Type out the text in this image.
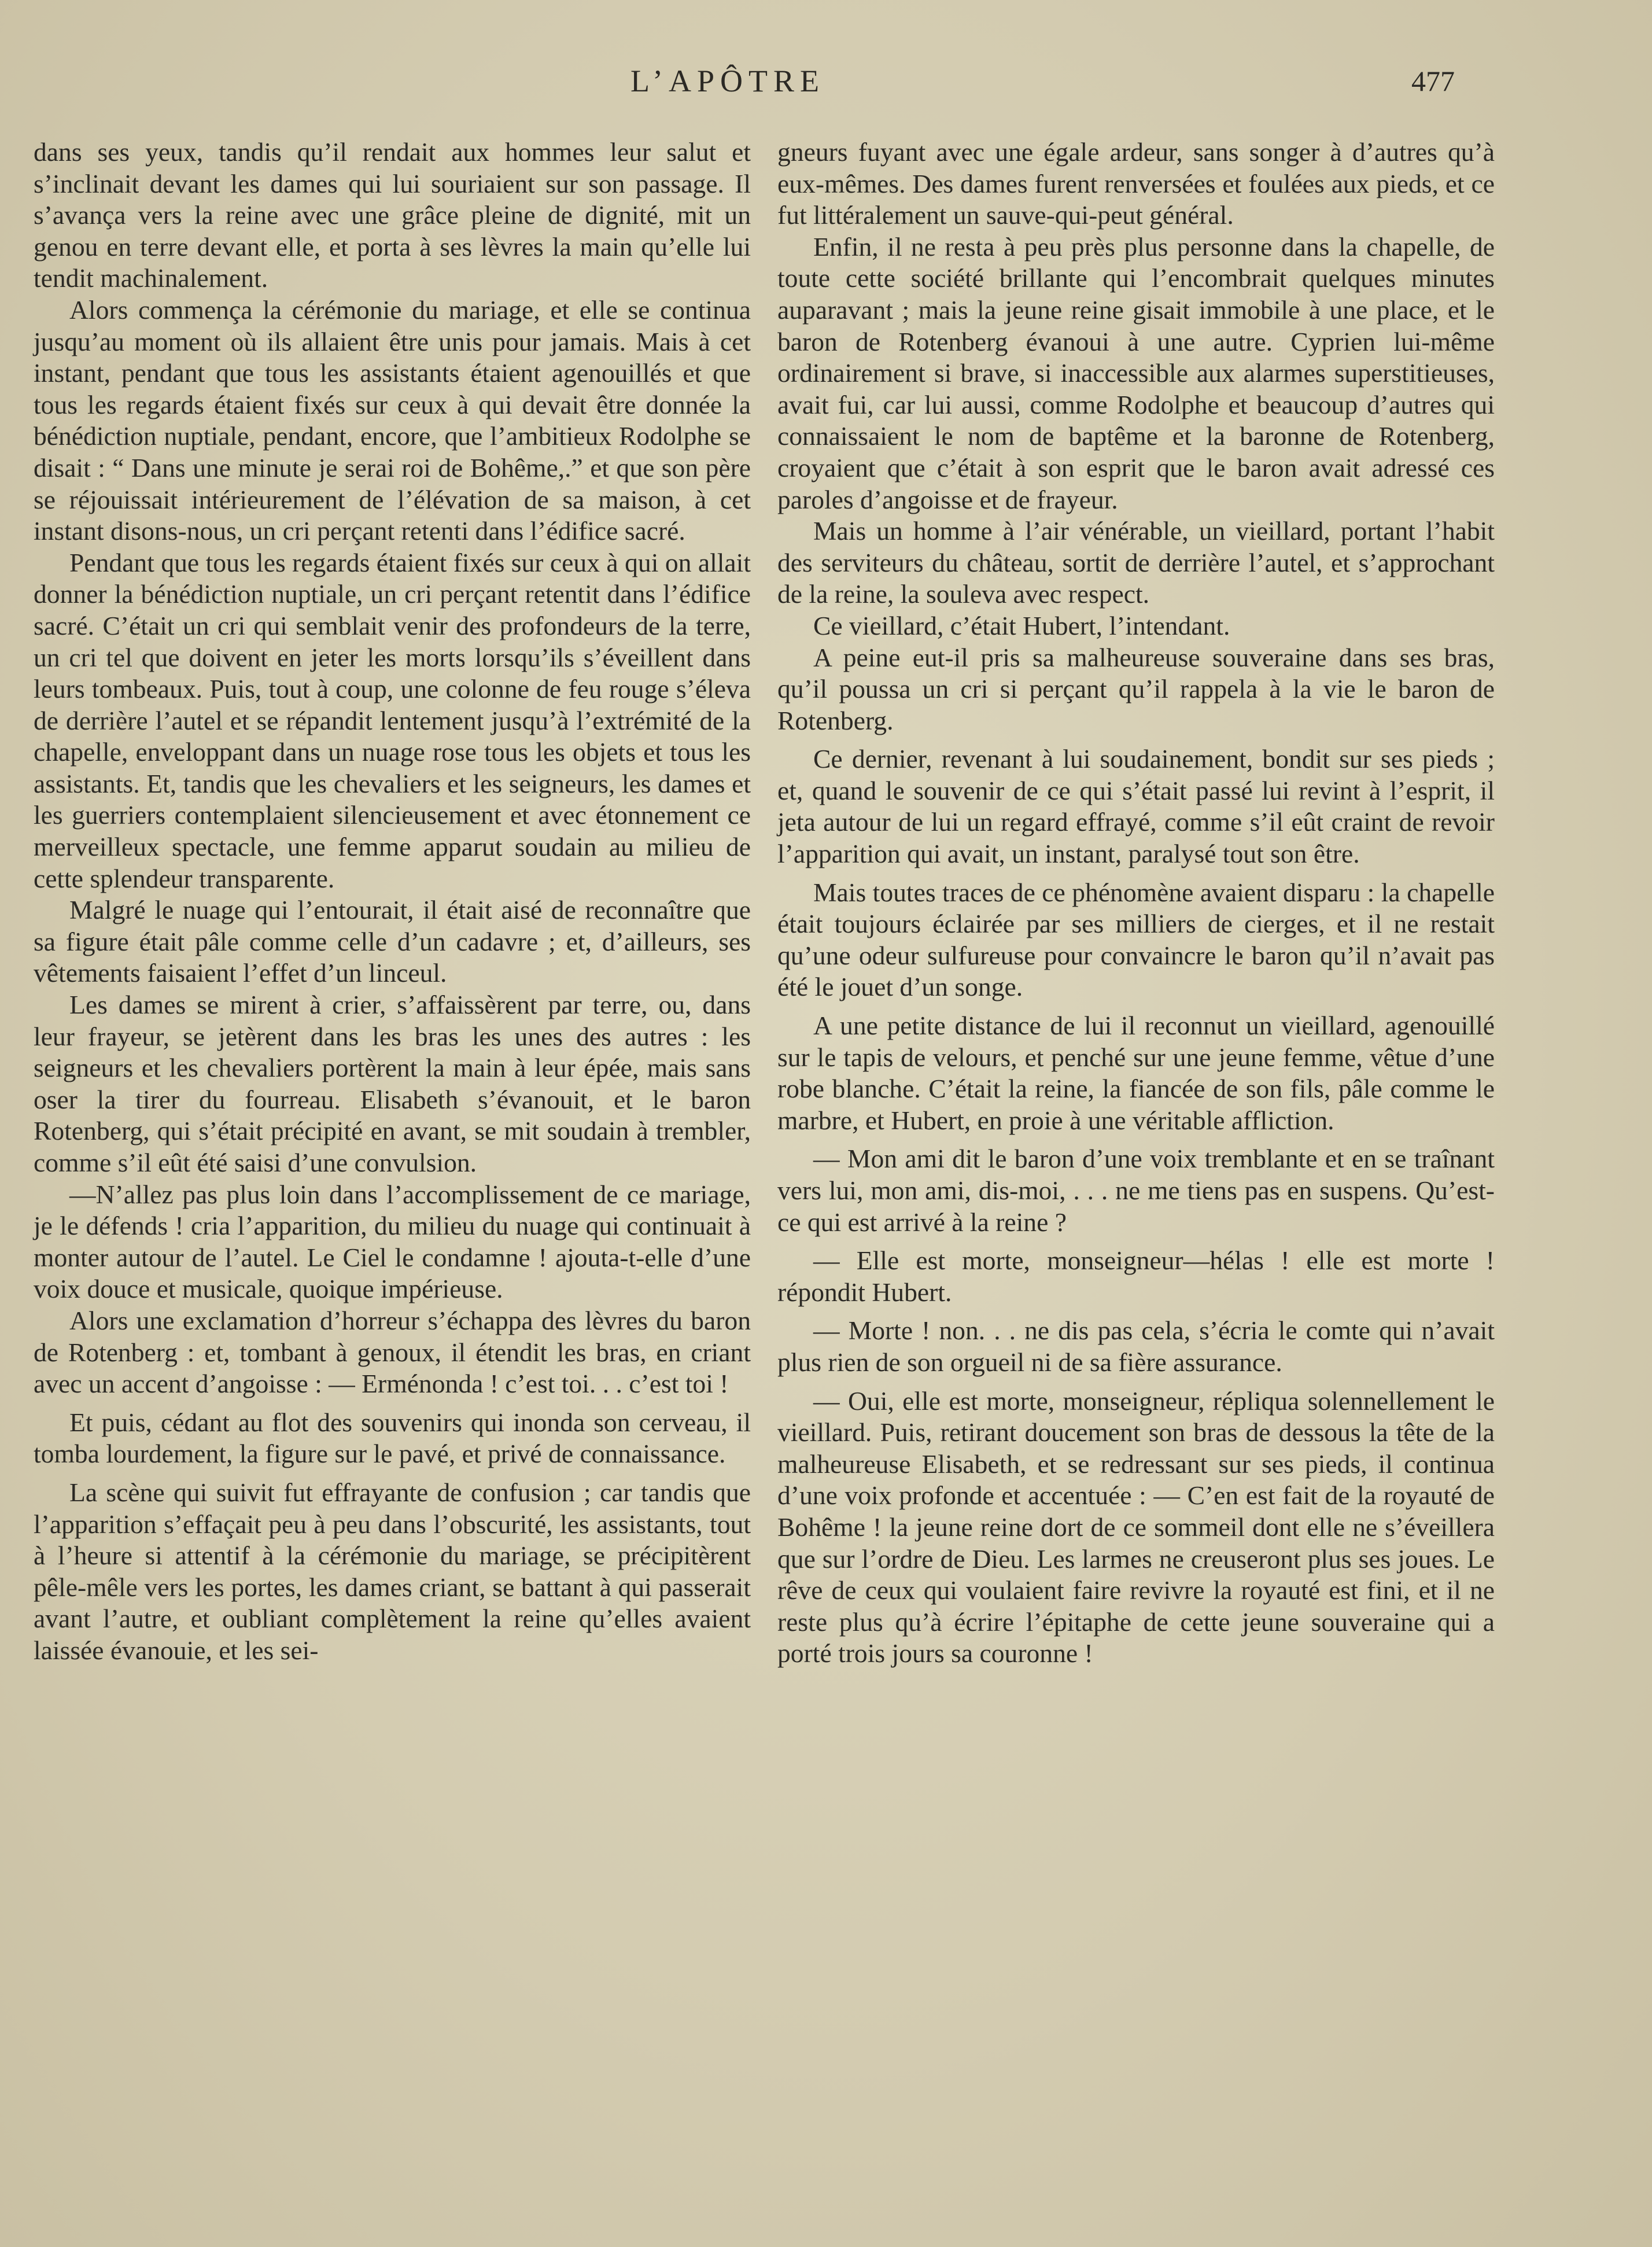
L’APÔTRE	477

dans ses yeux, tandis qu’il rendait aux hommes leur salut et s’inclinait devant les dames qui lui souriaient sur son passage. Il s’avança vers la reine avec une grâce pleine de dignité, mit un genou en terre devant elle, et porta à ses lèvres la main qu’elle lui tendit machinalement.

Alors commença la cérémonie du mariage, et elle se continua jusqu’au moment où ils allaient être unis pour jamais. Mais à cet instant, pendant que tous les assistants étaient agenouillés et que tous les regards étaient fixés sur ceux à qui devait être donnée la bénédiction nuptiale, pendant, encore, que l’ambitieux Rodolphe se disait : “ Dans une minute je serai roi de Bohême,.” et que son père se réjouissait intérieurement de l’élévation de sa maison, à cet instant disons-nous, un cri perçant retenti dans l’édifice sacré.

Pendant que tous les regards étaient fixés sur ceux à qui on allait donner la bénédiction nuptiale, un cri perçant retentit dans l’édifice sacré. C’était un cri qui semblait venir des profondeurs de la terre, un cri tel que doivent en jeter les morts lorsqu’ils s’éveillent dans leurs tombeaux. Puis, tout à coup, une colonne de feu rouge s’éleva de derrière l’autel et se répandit lentement jusqu’à l’extrémité de la chapelle, enveloppant dans un nuage rose tous les objets et tous les assistants. Et, tandis que les chevaliers et les seigneurs, les dames et les guerriers contemplaient silencieusement et avec étonnement ce merveilleux spectacle, une femme apparut soudain au milieu de cette splendeur transparente.

Malgré le nuage qui l’entourait, il était aisé de reconnaître que sa figure était pâle comme celle d’un cadavre ; et, d’ailleurs, ses vêtements faisaient l’effet d’un linceul.

Les dames se mirent à crier, s’affaissèrent par terre, ou, dans leur frayeur, se jetèrent dans les bras les unes des autres : les seigneurs et les chevaliers portèrent la main à leur épée, mais sans oser la tirer du fourreau. Elisabeth s’évanouit, et le baron Rotenberg, qui s’était précipité en avant, se mit soudain à trembler, comme s’il eût été saisi d’une convulsion.

—N’allez pas plus loin dans l’accomplissement de ce mariage, je le défends ! cria l’apparition, du milieu du nuage qui continuait à monter autour de l’autel. Le Ciel le condamne ! ajouta-t-elle d’une voix douce et musicale, quoique impérieuse.

Alors une exclamation d’horreur s’échappa des lèvres du baron de Rotenberg : et, tombant à genoux, il étendit les bras, en criant avec un accent d’angoisse : — Erménonda ! c’est toi. . . c’est toi !

Et puis, cédant au flot des souvenirs qui inonda son cerveau, il tomba lourdement, la figure sur le pavé, et privé de connaissance.

La scène qui suivit fut effrayante de confusion ; car tandis que l’apparition s’effaçait peu à peu dans l’obscurité, les assistants, tout à l’heure si attentif à la cérémonie du mariage, se précipitèrent pêle-mêle vers les portes, les dames criant, se battant à qui passerait avant l’autre, et oubliant complètement la reine qu’elles avaient laissée évanouie, et les sei-

gneurs fuyant avec une égale ardeur, sans songer à d’autres qu’à eux-mêmes. Des dames furent renversées et foulées aux pieds, et ce fut littéralement un sauve-qui-peut général.

Enfin, il ne resta à peu près plus personne dans la chapelle, de toute cette société brillante qui l’encombrait quelques minutes auparavant ; mais la jeune reine gisait immobile à une place, et le baron de Rotenberg évanoui à une autre. Cyprien lui-même ordinairement si brave, si inaccessible aux alarmes superstitieuses, avait fui, car lui aussi, comme Rodolphe et beaucoup d’autres qui connaissaient le nom de baptême et la baronne de Rotenberg, croyaient que c’était à son esprit que le baron avait adressé ces paroles d’angoisse et de frayeur.

Mais un homme à l’air vénérable, un vieillard, portant l’habit des serviteurs du château, sortit de derrière l’autel, et s’approchant de la reine, la souleva avec respect.

Ce vieillard, c’était Hubert, l’intendant.

A peine eut-il pris sa malheureuse souveraine dans ses bras, qu’il poussa un cri si perçant qu’il rappela à la vie le baron de Rotenberg.

Ce dernier, revenant à lui soudainement, bondit sur ses pieds ; et, quand le souvenir de ce qui s’était passé lui revint à l’esprit, il jeta autour de lui un regard effrayé, comme s’il eût craint de revoir l’apparition qui avait, un instant, paralysé tout son être.

Mais toutes traces de ce phénomène avaient disparu : la chapelle était toujours éclairée par ses milliers de cierges, et il ne restait qu’une odeur sulfureuse pour convaincre le baron qu’il n’avait pas été le jouet d’un songe.

A une petite distance de lui il reconnut un vieillard, agenouillé sur le tapis de velours, et penché sur une jeune femme, vêtue d’une robe blanche. C’était la reine, la fiancée de son fils, pâle comme le marbre, et Hubert, en proie à une véritable affliction.

— Mon ami dit le baron d’une voix tremblante et en se traînant vers lui, mon ami, dis-moi, . . . ne me tiens pas en suspens. Qu’est-ce qui est arrivé à la reine ?

— Elle est morte, monseigneur—hélas ! elle est morte ! répondit Hubert.

— Morte ! non. . . ne dis pas cela, s’écria le comte qui n’avait plus rien de son orgueil ni de sa fière assurance.

— Oui, elle est morte, monseigneur, répliqua solennellement le vieillard. Puis, retirant doucement son bras de dessous la tête de la malheureuse Elisabeth, et se redressant sur ses pieds, il continua d’une voix profonde et accentuée : — C’en est fait de la royauté de Bohême ! la jeune reine dort de ce sommeil dont elle ne s’éveillera que sur l’ordre de Dieu. Les larmes ne creuseront plus ses joues. Le rêve de ceux qui voulaient faire revivre la royauté est fini, et il ne reste plus qu’à écrire l’épitaphe de cette jeune souveraine qui a porté trois jours sa couronne !
